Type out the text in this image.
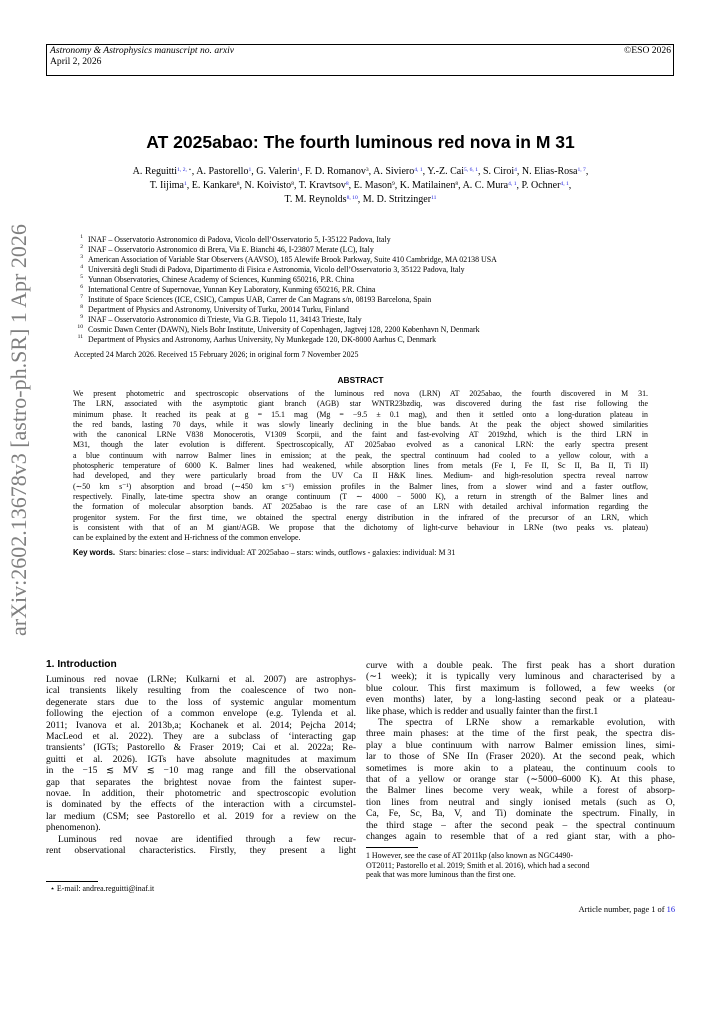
Astronomy & Astrophysics manuscript no. arxiv
April 2, 2026
©ESO 2026
arXiv:2602.13678v3 [astro-ph.SR] 1 Apr 2026
AT 2025abao: The fourth luminous red nova in M 31
A. Reguitti$^{1, 2,}$ ⋆, A. Pastorello$^1$, G. Valerin$^1$, F. D. Romanov$^3$, A. Siviero$^{4, 1}$, Y.-Z. Cai$^{5, 6, 1}$, S. Ciroi$^4$, N. Elias-Rosa$^{1, 7}$,
T. Iijima$^1$, E. Kankare$^8$, N. Koivisto$^8$, T. Kravtsov$^8$, E. Mason$^9$, K. Matilainen$^8$, A. C. Mura$^{4, 1}$, P. Ochner$^{4, 1}$,
T. M. Reynolds$^{8, 10}$, M. D. Stritzinger$^{11}$
1 INAF – Osservatorio Astronomico di Padova, Vicolo dell’Osservatorio 5, I-35122 Padova, Italy
2 INAF – Osservatorio Astronomico di Brera, Via E. Bianchi 46, I-23807 Merate (LC), Italy
3 American Association of Variable Star Observers (AAVSO), 185 Alewife Brook Parkway, Suite 410 Cambridge, MA 02138 USA
4 Università degli Studi di Padova, Dipartimento di Fisica e Astronomia, Vicolo dell’Osservatorio 3, 35122 Padova, Italy
5 Yunnan Observatories, Chinese Academy of Sciences, Kunming 650216, P.R. China
6 International Centre of Supernovae, Yunnan Key Laboratory, Kunming 650216, P.R. China
7 Institute of Space Sciences (ICE, CSIC), Campus UAB, Carrer de Can Magrans s/n, 08193 Barcelona, Spain
8 Department of Physics and Astronomy, University of Turku, 20014 Turku, Finland
9 INAF – Osservatorio Astronomico di Trieste, Via G.B. Tiepolo 11, 34143 Trieste, Italy
10 Cosmic Dawn Center (DAWN), Niels Bohr Institute, University of Copenhagen, Jagtvej 128, 2200 København N, Denmark
11 Department of Physics and Astronomy, Aarhus University, Ny Munkegade 120, DK-8000 Aarhus C, Denmark
Accepted 24 March 2026. Received 15 February 2026; in original form 7 November 2025
ABSTRACT
We present photometric and spectroscopic observations of the luminous red nova (LRN) AT 2025abao, the fourth discovered in M 31.
The LRN, associated with the asymptotic giant branch (AGB) star WNTR23bzdiq, was discovered during the fast rise following the
minimum phase. It reached its peak at g = 15.1 mag (Mg = −9.5 ± 0.1 mag), and then it settled onto a long-duration plateau in
the red bands, lasting 70 days, while it was slowly linearly declining in the blue bands. At the peak the object showed similarities
with the canonical LRNe V838 Monocerotis, V1309 Scorpii, and the faint and fast-evolving AT 2019zhd, which is the third LRN in
M31, though the later evolution is different. Spectroscopically, AT 2025abao evolved as a canonical LRN: the early spectra present
a blue continuum with narrow Balmer lines in emission; at the peak, the spectral continuum had cooled to a yellow colour, with a
photospheric temperature of 6000 K. Balmer lines had weakened, while absorption lines from metals (Fe I, Fe II, Sc II, Ba II, Ti II)
had developed, and they were particularly broad from the UV Ca II H&K lines. Medium- and high-resolution spectra reveal narrow
(∼50 km s⁻¹) absorption and broad (∼450 km s⁻¹) emission profiles in the Balmer lines, from a slower wind and a faster outflow,
respectively. Finally, late-time spectra show an orange continuum (T ∼ 4000 − 5000 K), a return in strength of the Balmer lines and
the formation of molecular absorption bands. AT 2025abao is the rare case of an LRN with detailed archival information regarding the
progenitor system. For the first time, we obtained the spectral energy distribution in the infrared of the precursor of an LRN, which
is consistent with that of an M giant/AGB. We propose that the dichotomy of light-curve behaviour in LRNe (two peaks vs. plateau)
can be explained by the extent and H-richness of the common envelope.
Key words. Stars: binaries: close – stars: individual: AT 2025abao – stars: winds, outflows - galaxies: individual: M 31
1. Introduction
Luminous red novae (LRNe; Kulkarni et al. 2007) are astrophys-
ical transients likely resulting from the coalescence of two non-
degenerate stars due to the loss of systemic angular momentum
following the ejection of a common envelope (e.g. Tylenda et al.
2011; Ivanova et al. 2013b,a; Kochanek et al. 2014; Pejcha 2014;
MacLeod et al. 2022). They are a subclass of ‘interacting gap
transients’ (IGTs; Pastorello & Fraser 2019; Cai et al. 2022a; Re-
guitti et al. 2026). IGTs have absolute magnitudes at maximum
in the −15 ≲ MV ≲ −10 mag range and fill the observational
gap that separates the brightest novae from the faintest super-
novae. In addition, their photometric and spectroscopic evolution
is dominated by the effects of the interaction with a circumstel-
lar medium (CSM; see Pastorello et al. 2019 for a review on the
phenomenon).
Luminous red novae are identified through a few recur-
rent observational characteristics. Firstly, they present a light
⋆ E-mail: andrea.reguitti@inaf.it
curve with a double peak. The first peak has a short duration
(∼1 week); it is typically very luminous and characterised by a
blue colour. This first maximum is followed, a few weeks (or
even months) later, by a long-lasting second peak or a plateau-
like phase, which is redder and usually fainter than the first.1
The spectra of LRNe show a remarkable evolution, with
three main phases: at the time of the first peak, the spectra dis-
play a blue continuum with narrow Balmer emission lines, simi-
lar to those of SNe IIn (Fraser 2020). At the second peak, which
sometimes is more akin to a plateau, the continuum cools to
that of a yellow or orange star (∼5000–6000 K). At this phase,
the Balmer lines become very weak, while a forest of absorp-
tion lines from neutral and singly ionised metals (such as O,
Ca, Fe, Sc, Ba, V, and Ti) dominate the spectrum. Finally, in
the third stage – after the second peak – the spectral continuum
changes again to resemble that of a red giant star, with a pho-
1 However, see the case of AT 2011kp (also known as NGC4490-
OT2011; Pastorello et al. 2019; Smith et al. 2016), which had a second
peak that was more luminous than the first one.
Article number, page 1 of 16
